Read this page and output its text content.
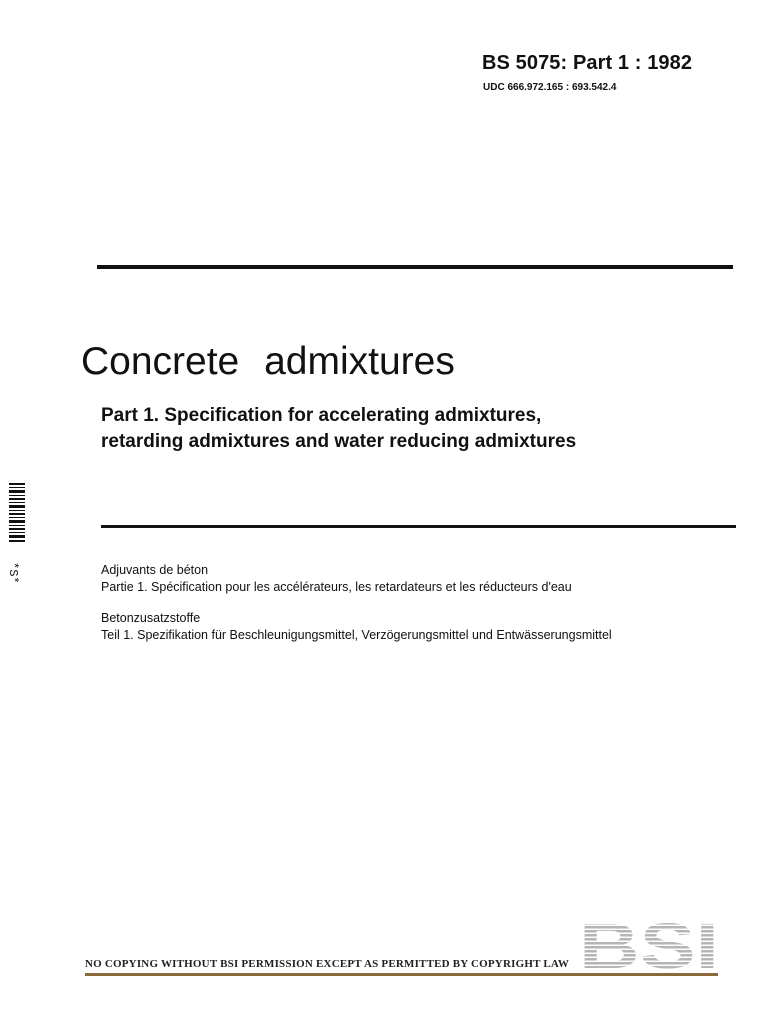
BS 5075: Part 1 : 1982
UDC 666.972.165 : 693.542.4
Concrete admixtures
Part 1. Specification for accelerating admixtures,
retarding admixtures and water reducing admixtures
Adjuvants de béton
Partie 1. Spécification pour les accélérateurs, les retardateurs et les réducteurs d'eau
Betonzusatzstoffe
Teil 1. Spezifikation für Beschleunigungsmittel, Verzögerungsmittel und Entwässerungsmittel
*S*
BSI
NO COPYING WITHOUT BSI PERMISSION EXCEPT AS PERMITTED BY COPYRIGHT LAW
